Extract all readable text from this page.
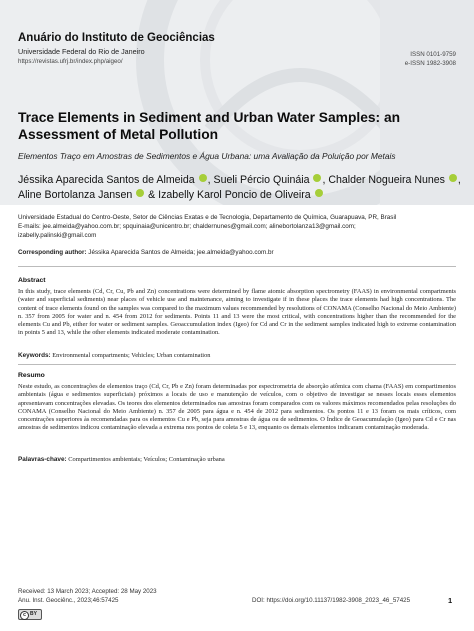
Anuário do Instituto de Geociências
Universidade Federal do Rio de Janeiro
https://revistas.ufrj.br/index.php/aigeo/
ISSN 0101-9759
e-ISSN 1982-3908
Trace Elements in Sediment and Urban Water Samples: an Assessment of Metal Pollution
Elementos Traço em Amostras de Sedimentos e Água Urbana: uma Avaliação da Poluição por Metais
Jéssika Aparecida Santos de Almeida , Sueli Pércio Quináia , Chalder Nogueira Nunes ,
Aline Bortolanza Jansen  & Izabelly Karol Poncio de Oliveira
Universidade Estadual do Centro-Oeste, Setor de Ciências Exatas e de Tecnologia, Departamento de Química, Guarapuava, PR, Brasil
E-mails: jee.almeida@yahoo.com.br; spquinaia@unicentro.br; chaldernunes@gmail.com; alinebortolanza13@gmail.com;
izabelly.palinski@gmail.com
Corresponding author: Jéssika Aparecida Santos de Almeida; jee.almeida@yahoo.com.br
Abstract
In this study, trace elements (Cd, Cr, Cu, Pb and Zn) concentrations were determined by flame atomic absorption spectrometry (FAAS) in environmental compartments (water and superficial sediments) near places of vehicle use and maintenance, aiming to investigate if in these places the trace elements had high concentrations. The content of trace elements found on the samples was compared to the maximum values recommended by resolutions of CONAMA (Conselho Nacional do Meio Ambiente) n. 357 from 2005 for water and n. 454 from 2012 for sediments. Points 11 and 13 were the most critical, with concentrations higher than the recommended for the elements Cu and Pb, either for water or sediment samples. Geoaccumulation index (Igeo) for Cd and Cr in the sediment samples indicated high to extreme contamination in points 5 and 13, while the other elements indicated moderate contamination.
Keywords: Environmental compartments; Vehicles; Urban contamination
Resumo
Neste estudo, as concentrações de elementos traço (Cd, Cr, Pb e Zn) foram determinadas por espectrometria de absorção atômica com chama (FAAS) em compartimentos ambientais (água e sedimentos superficiais) próximos a locais de uso e manutenção de veículos, com o objetivo de investigar se nesses locais esses elementos apresentavam concentrações elevadas. Os teores dos elementos determinados nas amostras foram comparados com os valores máximos recomendados pelas resoluções do CONAMA (Conselho Nacional do Meio Ambiente) n. 357 de 2005 para água e n. 454 de 2012 para sedimentos. Os pontos 11 e 13 foram os mais críticos, com concentrações superiores às recomendadas para os elementos Cu e Pb, seja para amostras de água ou de sedimentos. O Índice de Geoacumulação (Igeo) para Cd e Cr nas amostras de sedimentos indicou contaminação elevada a extrema nos pontos de coleta 5 e 13, enquanto os demais elementos indicaram contaminação moderada.
Palavras-chave: Compartimentos ambientais; Veículos; Contaminação urbana
Received: 13 March 2023; Accepted: 28 May 2023
Anu. Inst. Geociênc., 2023;46:57425	DOI: https://doi.org/10.11137/1982-3908_2023_46_57425	1
c BY
